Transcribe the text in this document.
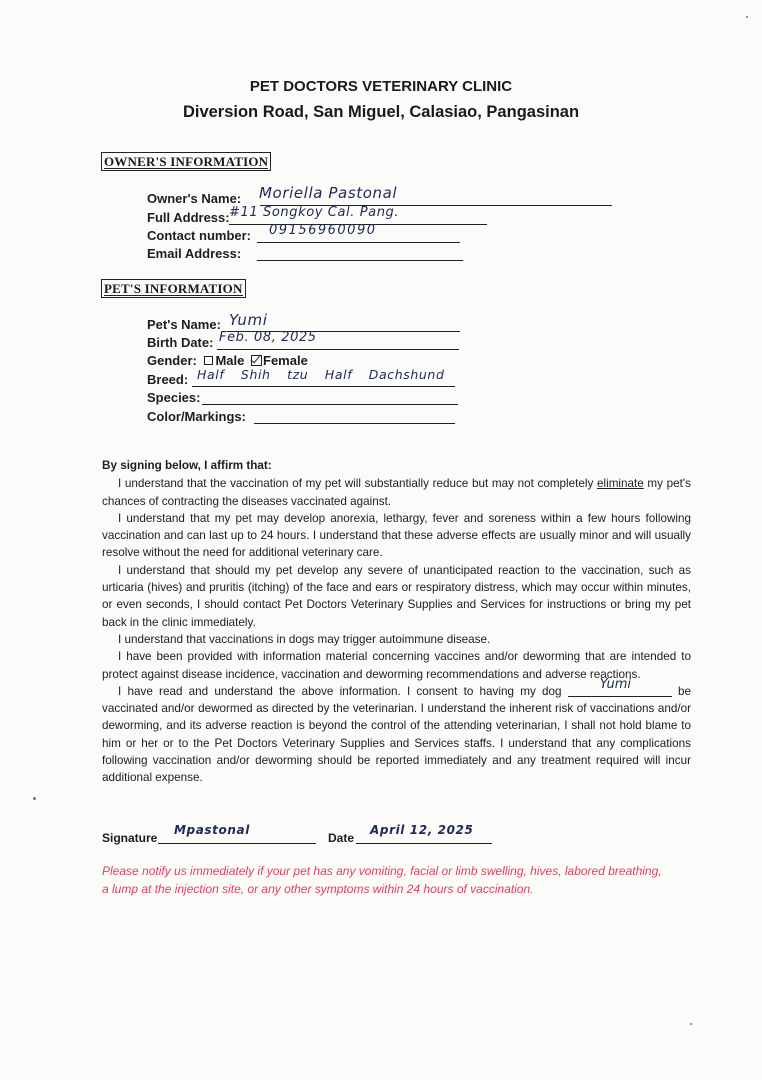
PET DOCTORS VETERINARY CLINIC
Diversion Road, San Miguel, Calasiao, Pangasinan
OWNER'S INFORMATION
Owner's Name: Moriella Pastonal
Full Address: #11 Songkoy Cal. Pang.
Contact number: 09156960090
Email Address:
PET'S INFORMATION
Pet's Name: Yumi
Birth Date: Feb. 08, 2025
Gender: Male Female
Breed: Half Shih tzu Half Dachshund
Species:
Color/Markings:

By signing below, I affirm that:

I understand that the vaccination of my pet will substantially reduce but may not completely eliminate my pet's chances of contracting the diseases vaccinated against.

I understand that my pet may develop anorexia, lethargy, fever and soreness within a few hours following vaccination and can last up to 24 hours. I understand that these adverse effects are usually minor and will usually resolve without the need for additional veterinary care.

I understand that should my pet develop any severe of unanticipated reaction to the vaccination, such as urticaria (hives) and pruritis (itching) of the face and ears or respiratory distress, which may occur within minutes, or even seconds, I should contact Pet Doctors Veterinary Supplies and Services for instructions or bring my pet back in the clinic immediately.

I understand that vaccinations in dogs may trigger autoimmune disease.

I have been provided with information material concerning vaccines and/or deworming that are intended to protect against disease incidence, vaccination and deworming recommendations and adverse reactions.

I have read and understand the above information. I consent to having my dog	Yumi	be vaccinated and/or dewormed as directed by the veterinarian. I understand the inherent risk of vaccinations and/or deworming, and its adverse reaction is beyond the control of the attending veterinarian, I shall not hold blame to him or her or to the Pet Doctors Veterinary Supplies and Services staffs. I understand that any complications following vaccination and/or deworming should be reported immediately and any treatment required will incur additional expense.

Signature
Mpastonal
Date
April 12, 2025
Please notify us immediately if your pet has any vomiting, facial or limb swelling, hives, labored breathing, a lump at the injection site, or any other symptoms within 24 hours of vaccination.
